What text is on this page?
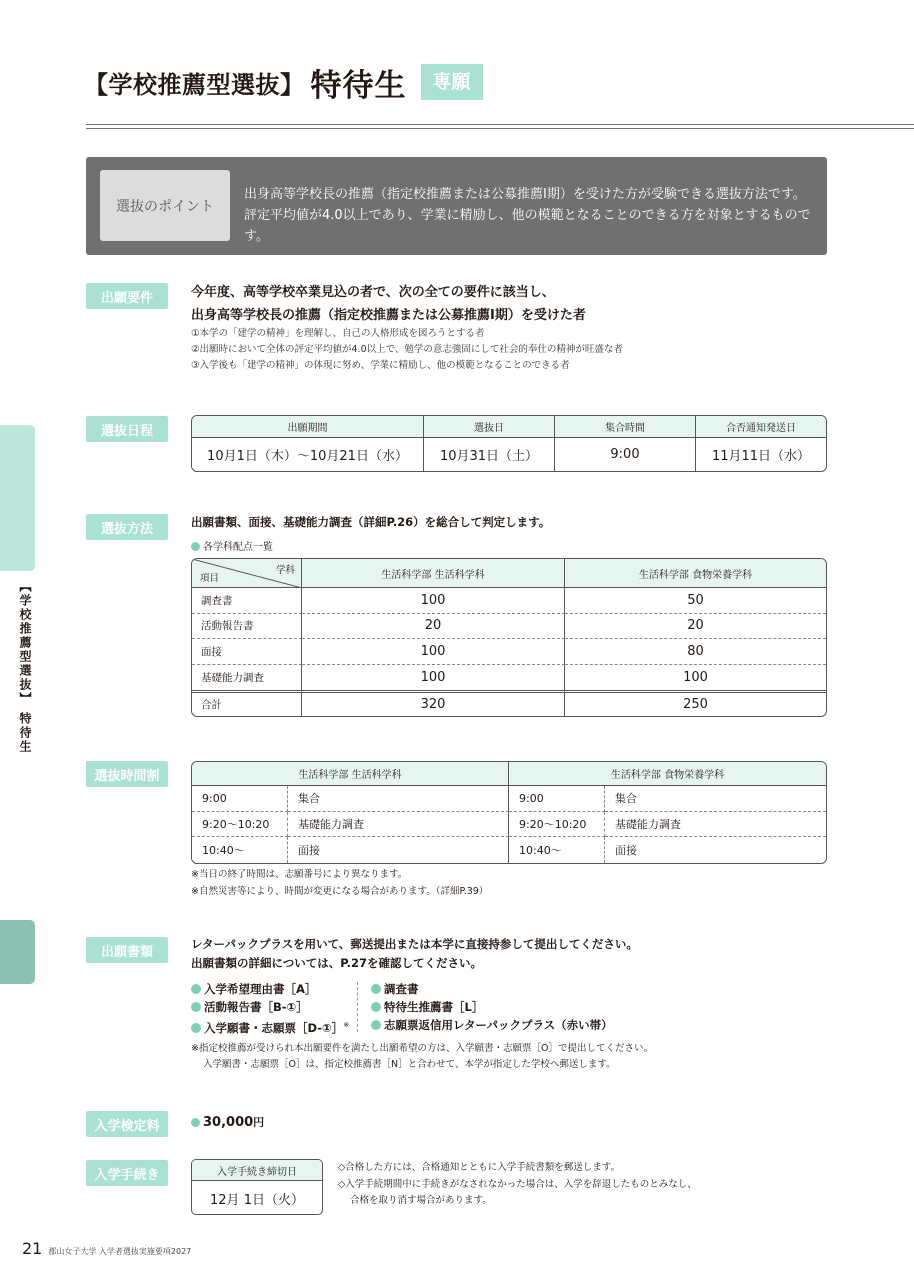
【学校推薦型選抜】 特待生	専願
選抜のポイント
出身高等学校長の推薦（指定校推薦または公募推薦Ⅰ期）を受けた方が受験できる選抜方法です。
評定平均値が4.0以上であり、学業に精励し、他の模範となることのできる方を対象とするものです。
出願要件	今年度、高等学校卒業見込の者で、次の全ての要件に該当し、
出身高等学校長の推薦（指定校推薦または公募推薦Ⅰ期）を受けた者
①本学の「建学の精神」を理解し、自己の人格形成を図ろうとする者
②出願時において全体の評定平均値が4.0以上で、勉学の意志強固にして社会的奉仕の精神が旺盛な者
③入学後も「建学の精神」の体現に努め、学業に精励し、他の模範となることのできる者
選抜日程	出願期間	選抜日	集合時間	合否通知発送日
10月1日（木）〜10月21日（水）	10月31日（土）	9:00	11月11日（水）
選抜方法	出願書類、面接、基礎能力調査（詳細P.26）を総合して判定します。
各学科配点一覧
学科
項目	生活科学部 生活科学科	生活科学部 食物栄養学科
調査書	100	50
活動報告書	20	20
面接	100	80
基礎能力調査	100	100
合計	320	250
選抜時間割	生活科学部 生活科学科		生活科学部 食物栄養学科	
9:00	集合	9:00	集合
9:20〜10:20	基礎能力調査	9:20〜10:20	基礎能力調査
10:40〜	面接	10:40〜	面接
※当日の終了時間は、志願番号により異なります。
※自然災害等により、時間が変更になる場合があります。（詳細P.39）
出願書類
レターパックプラスを用いて、郵送提出または本学に直接持参して提出してください。
出願書類の詳細については、P.27を確認してください。
入学希望理由書［A］
活動報告書［B-①］
入学願書・志願票［D-①］※
調査書
特待生推薦書［L］
志願票返信用レターパックプラス（赤い帯）
※指定校推薦が受けられ本出願要件を満たし出願希望の方は、入学願書・志願票［O］で提出してください。
入学願書・志願票［O］は、指定校推薦書［N］と合わせて、本学が指定した学校へ郵送します。
入学検定料	30,000円
入学手続き	入学手続き締切日
12月 1日（火）
◇合格した方には、合格通知とともに入学手続書類を郵送します。
◇入学手続期間中に手続きがなされなかった場合は、入学を辞退したものとみなし、
合格を取り消す場合があります。
【学校推薦型選抜】 特待生
21 郡山女子大学 入学者選抜実施要項2027
